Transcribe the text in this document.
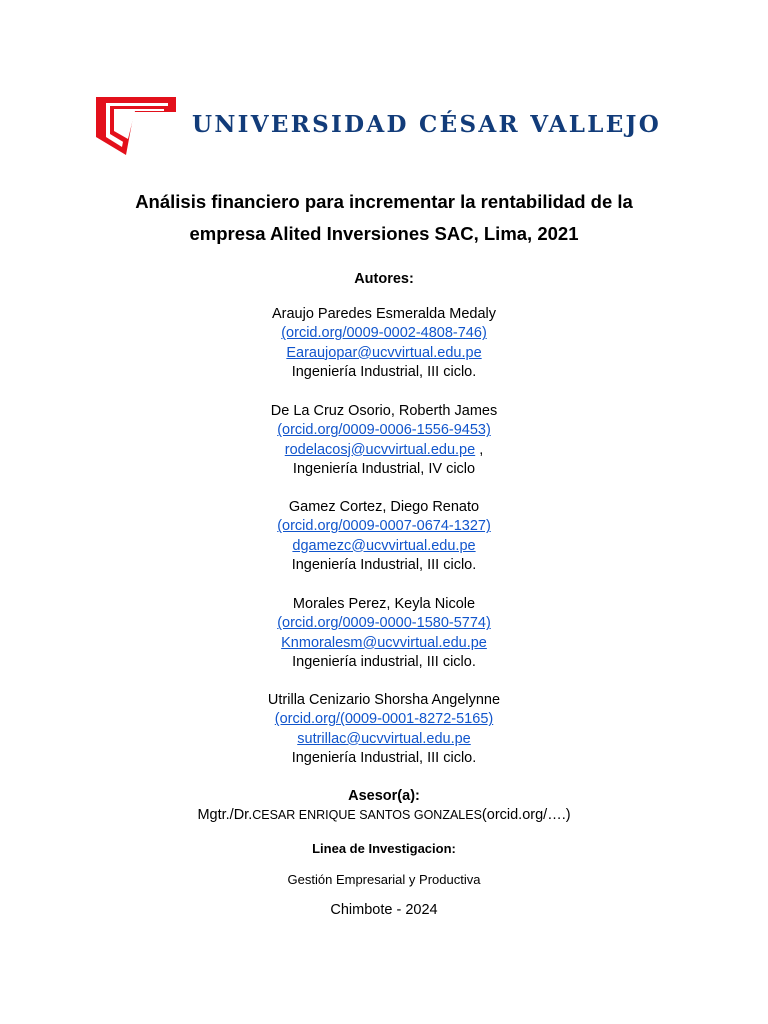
UNIVERSIDAD CÉSAR VALLEJO
Análisis financiero para incrementar la rentabilidad de la
empresa Alited Inversiones SAC, Lima, 2021
Autores:
Araujo Paredes Esmeralda Medaly
(orcid.org/0009-0002-4808-746)
Earaujopar@ucvvirtual.edu.pe
Ingeniería Industrial, III ciclo.
De La Cruz Osorio, Roberth James
(orcid.org/0009-0006-1556-9453)
rodelacosj@ucvvirtual.edu.pe ,
Ingeniería Industrial, IV ciclo
Gamez Cortez, Diego Renato
(orcid.org/0009-0007-0674-1327)
dgamezc@ucvvirtual.edu.pe
Ingeniería Industrial, III ciclo.
Morales Perez, Keyla Nicole
(orcid.org/0009-0000-1580-5774)
Knmoralesm@ucvvirtual.edu.pe
Ingeniería industrial, III ciclo.
Utrilla Cenizario Shorsha Angelynne
(orcid.org/(0009-0001-8272-5165)
sutrillac@ucvvirtual.edu.pe
Ingeniería Industrial, III ciclo.
Asesor(a):
Mgtr./Dr.CESAR ENRIQUE SANTOS GONZALES(orcid.org/….)
Linea de Investigacion:
Gestión Empresarial y Productiva
Chimbote - 2024
